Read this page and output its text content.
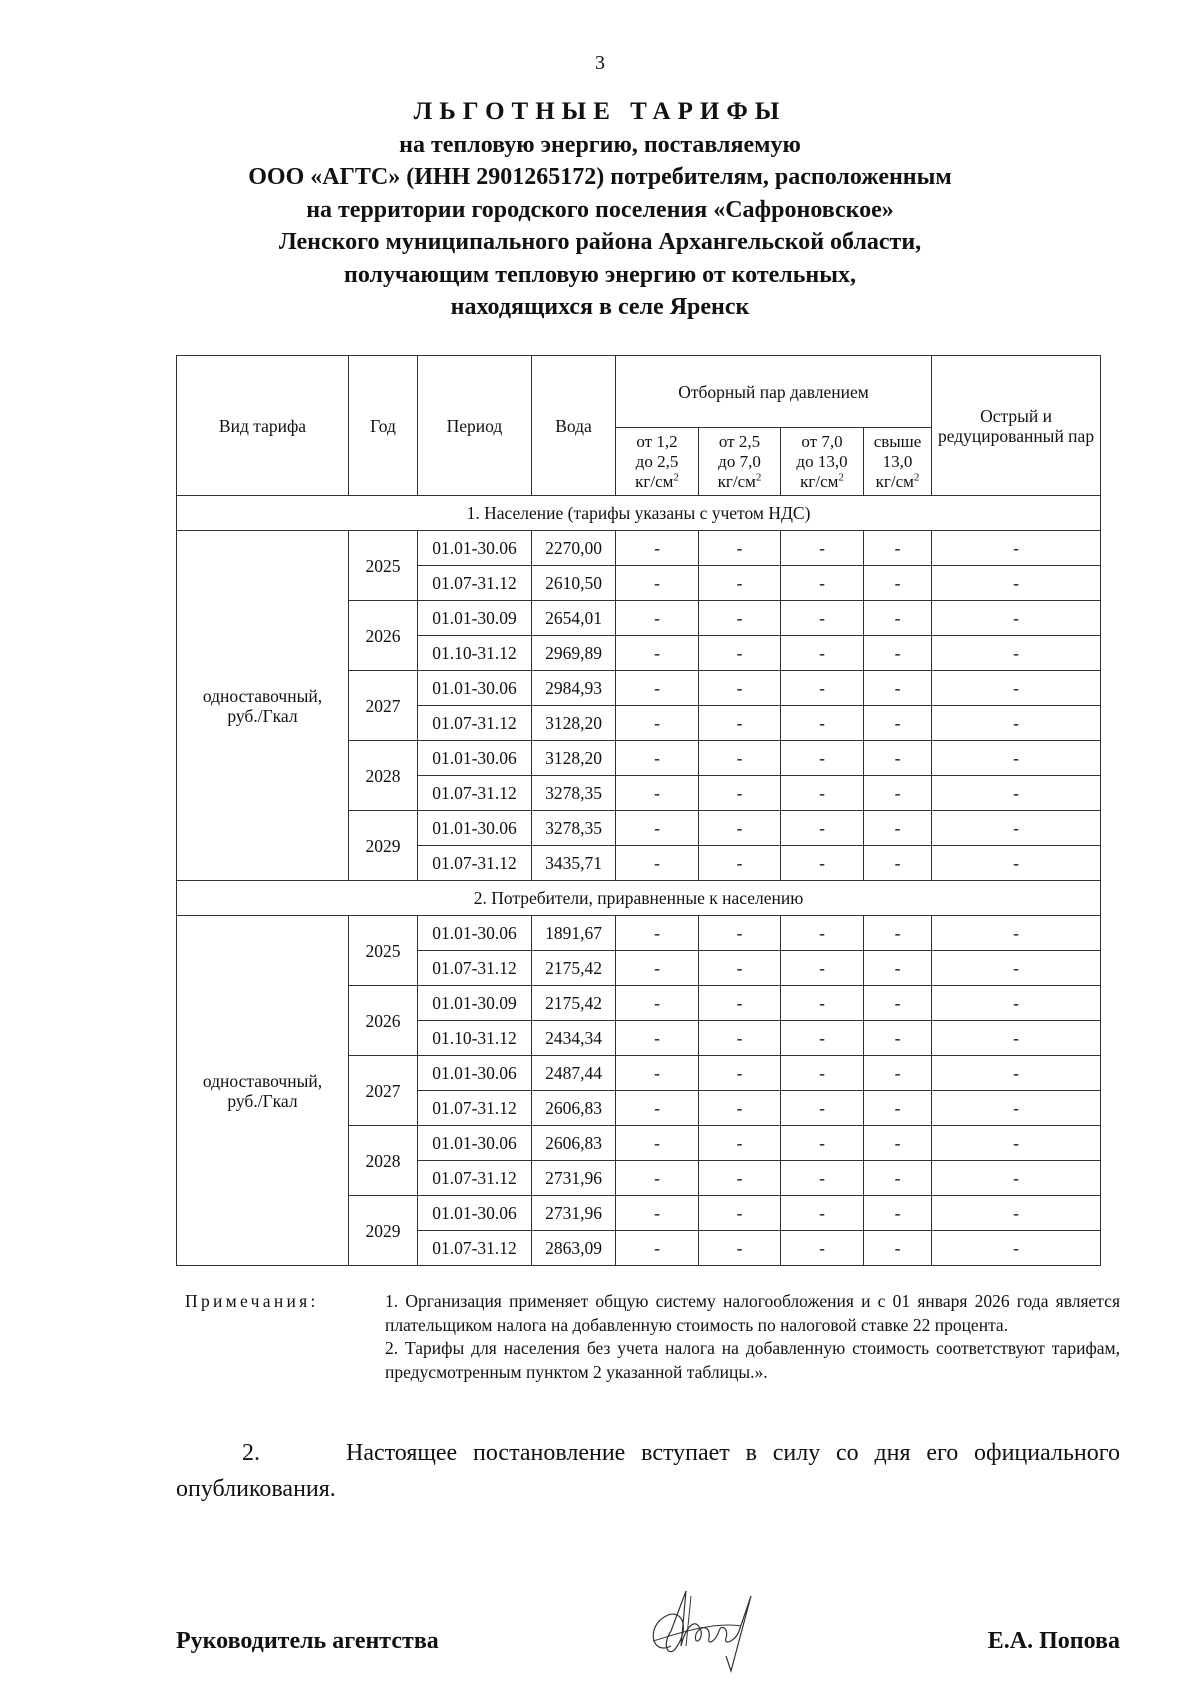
3
ЛЬГОТНЫЕ ТАРИФЫ
на тепловую энергию, поставляемую
ООО «АГТС» (ИНН 2901265172) потребителям, расположенным
на территории городского поселения «Сафроновское»
Ленского муниципального района Архангельской области,
получающим тепловую энергию от котельных,
находящихся в селе Яренск
Вид тарифа	Год	Период	Вода	Отборный пар давлением				Острый и редуцированный пар
				от 1,2
до 2,5
$кг/см^2$	от 2,5
до 7,0
$кг/см^2$	от 7,0
до 13,0
$кг/см^2$	свыше
13,0
$кг/см^2$
1. Население (тарифы указаны с учетом НДС)								
одноставочный,
руб./Гкал	2025	01.01-30.06	2270,00	-	-	-	-	-
		01.07-31.12	2610,50	-	-	-	-	-
	2026	01.01-30.09	2654,01	-	-	-	-	-
		01.10-31.12	2969,89	-	-	-	-	-
	2027	01.01-30.06	2984,93	-	-	-	-	-
		01.07-31.12	3128,20	-	-	-	-	-
	2028	01.01-30.06	3128,20	-	-	-	-	-
		01.07-31.12	3278,35	-	-	-	-	-
	2029	01.01-30.06	3278,35	-	-	-	-	-
		01.07-31.12	3435,71	-	-	-	-	-
2. Потребители, приравненные к населению								
одноставочный,
руб./Гкал	2025	01.01-30.06	1891,67	-	-	-	-	-
		01.07-31.12	2175,42	-	-	-	-	-
	2026	01.01-30.09	2175,42	-	-	-	-	-
		01.10-31.12	2434,34	-	-	-	-	-
	2027	01.01-30.06	2487,44	-	-	-	-	-
		01.07-31.12	2606,83	-	-	-	-	-
	2028	01.01-30.06	2606,83	-	-	-	-	-
		01.07-31.12	2731,96	-	-	-	-	-
	2029	01.01-30.06	2731,96	-	-	-	-	-
		01.07-31.12	2863,09	-	-	-	-	-
Примечания:	1. Организация применяет общую систему налогообложения и с 01 января 2026 года является плательщиком налога на добавленную стоимость по налоговой ставке 22 процента.

2. Тарифы для населения без учета налога на добавленную стоимость соответствуют тарифам, предусмотренным пунктом 2 указанной таблицы.».

2.	Настоящее постановление вступает в силу со дня его официального опубликования.
Руководитель агентства	Е.А. Попова
